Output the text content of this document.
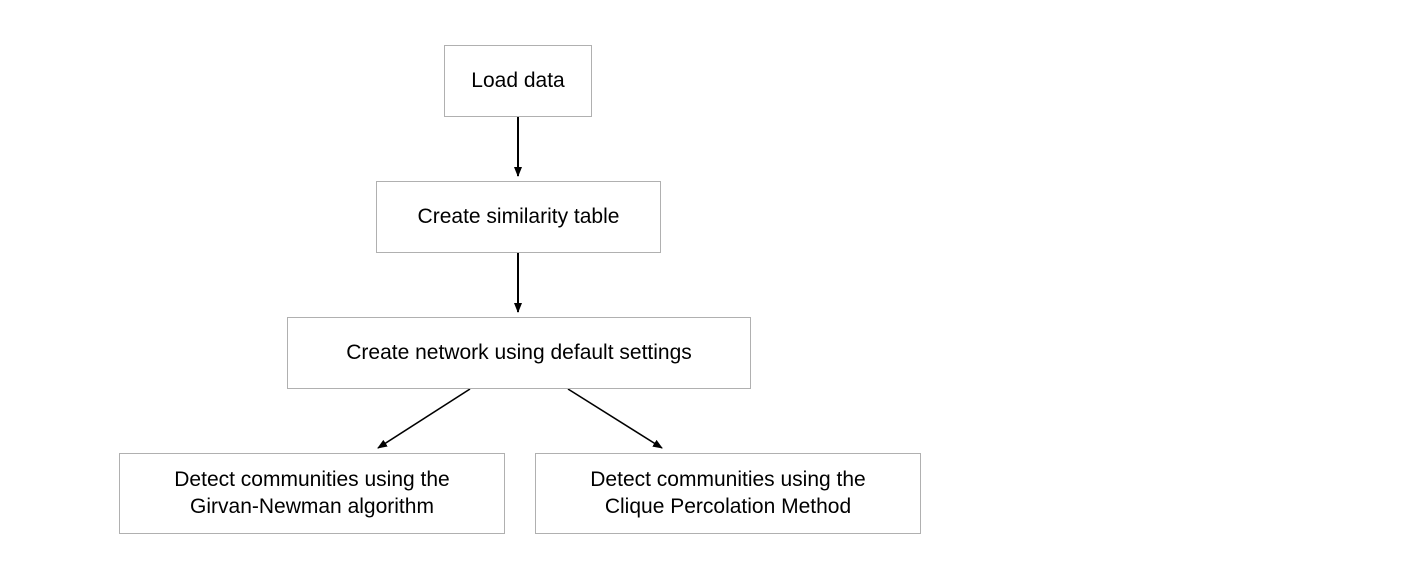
Load data
Create similarity table
Create network using default settings
Detect communities using the
Girvan-Newman algorithm
Detect communities using the
Clique Percolation Method
